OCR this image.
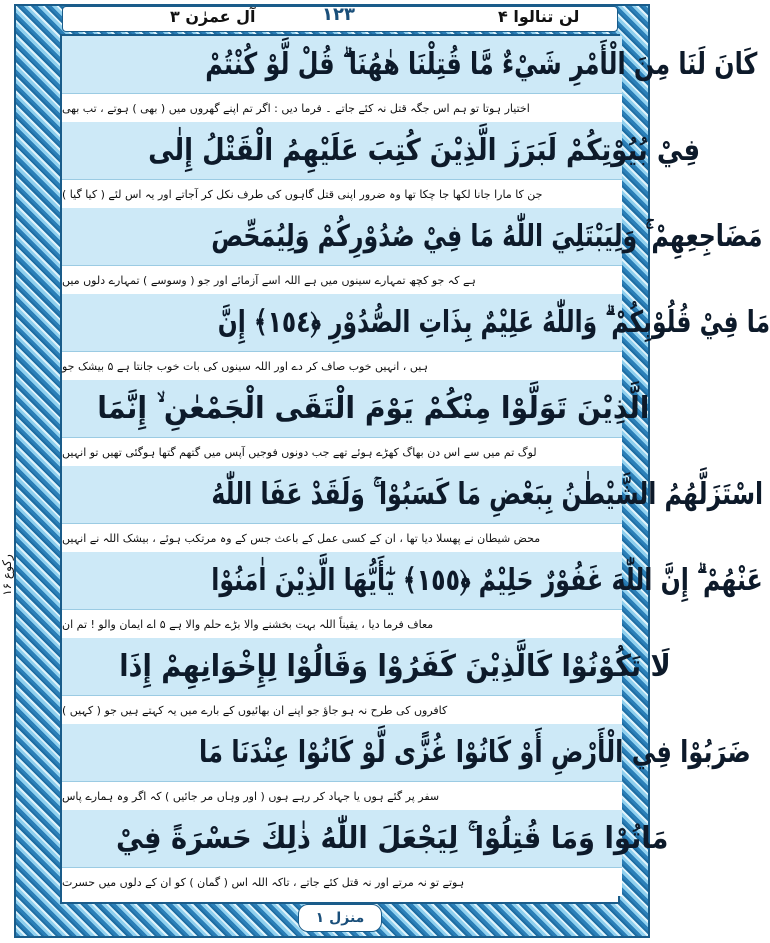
لن تنالوا ۴
۱۲۳
آل عمرٰن ۳
كَانَ لَنَا مِنَ الْأَمْرِ شَيْءٌ مَّا قُتِلْنَا هٰهُنَا ۗ قُلْ لَّوْ كُنْتُمْ
اختیار ہوتا تو ہم اس جگہ قتل نہ کئے جاتے ۔ فرما دیں : اگر تم اپنے گھروں میں ( بھی ) ہوتے ، تب بھی
فِيْ بُيُوْتِكُمْ لَبَرَزَ الَّذِيْنَ كُتِبَ عَلَيْهِمُ الْقَتْلُ إِلٰى
جن کا مارا جانا لکھا جا چکا تھا وہ ضرور اپنی قتل گاہوں کی طرف نکل کر آجاتے اور یہ اس لئے ( کیا گیا )
مَضَاجِعِهِمْ ۚ وَلِيَبْتَلِيَ اللّٰهُ مَا فِيْ صُدُوْرِكُمْ وَلِيُمَحِّصَ
ہے کہ جو کچھ تمہارے سینوں میں ہے اللہ اسے آزمائے اور جو ( وسوسے ) تمہارے دلوں میں
مَا فِيْ قُلُوْبِكُمْ ۗ وَاللّٰهُ عَلِيْمٌ بِذَاتِ الصُّدُوْرِ ﴿١٥٤﴾ إِنَّ
ہیں ، انہیں خوب صاف کر دے اور اللہ سینوں کی بات خوب جانتا ہے ۵ بیشک جو
الَّذِيْنَ تَوَلَّوْا مِنْكُمْ يَوْمَ الْتَقَى الْجَمْعٰنِ ۙ إِنَّمَا
لوگ تم میں سے اس دن بھاگ کھڑے ہوئے تھے جب دونوں فوجیں آپس میں گتھم گتھا ہوگئی تھیں تو انہیں
اسْتَزَلَّهُمُ الشَّيْطٰنُ بِبَعْضِ مَا كَسَبُوْا ۚ وَلَقَدْ عَفَا اللّٰهُ
محض شیطان نے پھسلا دیا تھا ، ان کے کسی عمل کے باعث جس کے وہ مرتکب ہوئے ، بیشک اللہ نے انہیں
عَنْهُمْ ۗ إِنَّ اللّٰهَ غَفُوْرٌ حَلِيْمٌ ﴿١٥٥﴾ يٰٓأَيُّهَا الَّذِيْنَ اٰمَنُوْا
معاف فرما دیا ، یقیناً اللہ بہت بخشنے والا بڑے حلم والا ہے ۵ اے ایمان والو ! تم ان
لَا تَكُوْنُوْا كَالَّذِيْنَ كَفَرُوْا وَقَالُوْا لِإِخْوَانِهِمْ إِذَا
کافروں کی طرح نہ ہو جاؤ جو اپنے ان بھائیوں کے بارے میں یہ کہتے ہیں جو ( کہیں )
ضَرَبُوْا فِي الْأَرْضِ أَوْ كَانُوْا غُزًّى لَّوْ كَانُوْا عِنْدَنَا مَا
سفر پر گئے ہوں یا جہاد کر رہے ہوں ( اور وہاں مر جائیں ) کہ اگر وہ ہمارے پاس
مَاتُوْا وَمَا قُتِلُوْا ۚ لِيَجْعَلَ اللّٰهُ ذٰلِكَ حَسْرَةً فِيْ
ہوتے تو نہ مرتے اور نہ قتل کئے جاتے ، تاکہ اللہ اس ( گمان ) کو ان کے دلوں میں حسرت
رکوع ۱۶
منزل ۱
